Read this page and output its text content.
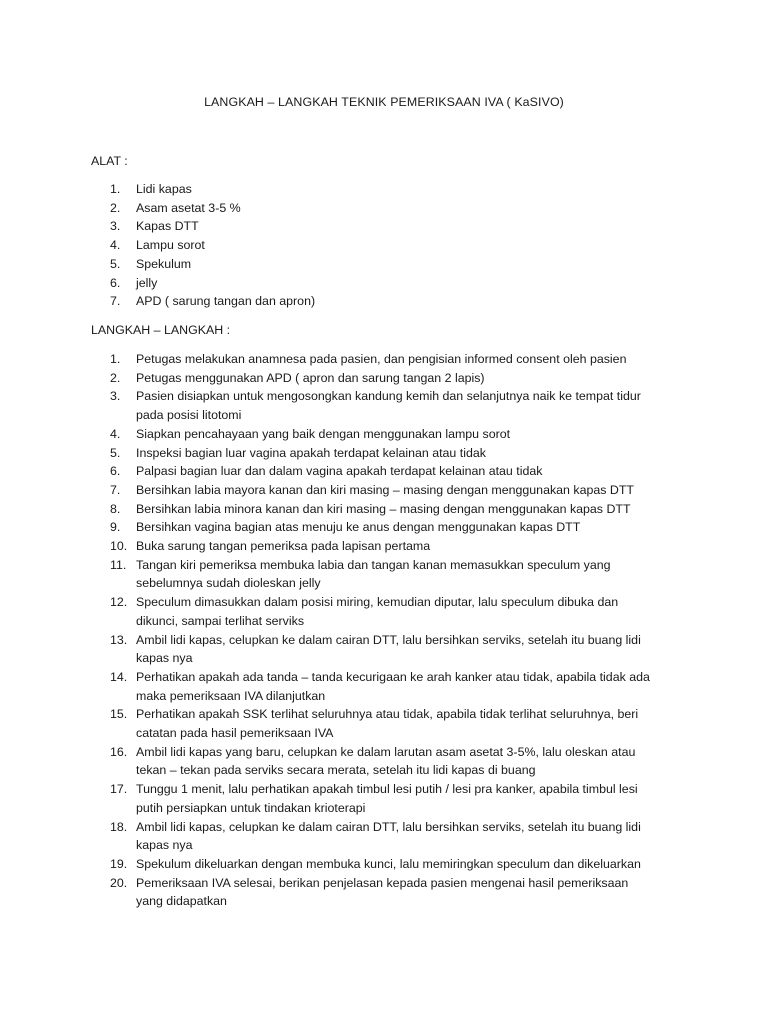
LANGKAH – LANGKAH TEKNIK PEMERIKSAAN IVA ( KaSIVO)
ALAT :
1.	Lidi kapas
2.	Asam asetat 3-5 %
3.	Kapas DTT
4.	Lampu sorot
5.	Spekulum
6.	jelly
7.	APD ( sarung tangan dan apron)
LANGKAH – LANGKAH :
1.	Petugas melakukan anamnesa pada pasien, dan pengisian informed consent oleh pasien
2.	Petugas menggunakan APD ( apron dan sarung tangan 2 lapis)
3.	Pasien disiapkan untuk mengosongkan kandung kemih dan selanjutnya naik ke tempat tidur pada posisi litotomi
4.	Siapkan pencahayaan yang baik dengan menggunakan lampu sorot
5.	Inspeksi bagian luar vagina apakah terdapat kelainan atau tidak
6.	Palpasi bagian luar dan dalam vagina apakah terdapat kelainan atau tidak
7.	Bersihkan labia mayora kanan dan kiri masing – masing dengan menggunakan kapas DTT
8.	Bersihkan labia minora kanan dan kiri masing – masing dengan menggunakan kapas DTT
9.	Bersihkan vagina bagian atas menuju ke anus dengan menggunakan kapas DTT
10. Buka sarung tangan pemeriksa pada lapisan pertama
11. Tangan kiri pemeriksa membuka labia dan tangan kanan memasukkan speculum yang sebelumnya sudah dioleskan jelly
12. Speculum dimasukkan dalam posisi miring, kemudian diputar, lalu speculum dibuka dan dikunci, sampai terlihat serviks
13. Ambil lidi kapas, celupkan ke dalam cairan DTT, lalu bersihkan serviks, setelah itu buang lidi kapas nya
14. Perhatikan apakah ada tanda – tanda kecurigaan ke arah kanker atau tidak, apabila tidak ada maka pemeriksaan IVA dilanjutkan
15. Perhatikan apakah SSK terlihat seluruhnya atau tidak, apabila tidak terlihat seluruhnya, beri catatan pada hasil pemeriksaan IVA
16. Ambil lidi kapas yang baru, celupkan ke dalam larutan asam asetat 3-5%, lalu oleskan atau tekan – tekan pada serviks secara merata, setelah itu lidi kapas di buang
17. Tunggu 1 menit, lalu perhatikan apakah timbul lesi putih / lesi pra kanker, apabila timbul lesi putih persiapkan untuk tindakan krioterapi
18. Ambil lidi kapas, celupkan ke dalam cairan DTT, lalu bersihkan serviks, setelah itu buang lidi kapas nya
19. Spekulum dikeluarkan dengan membuka kunci, lalu memiringkan speculum dan dikeluarkan
20. Pemeriksaan IVA selesai, berikan penjelasan kepada pasien mengenai hasil pemeriksaan yang didapatkan
